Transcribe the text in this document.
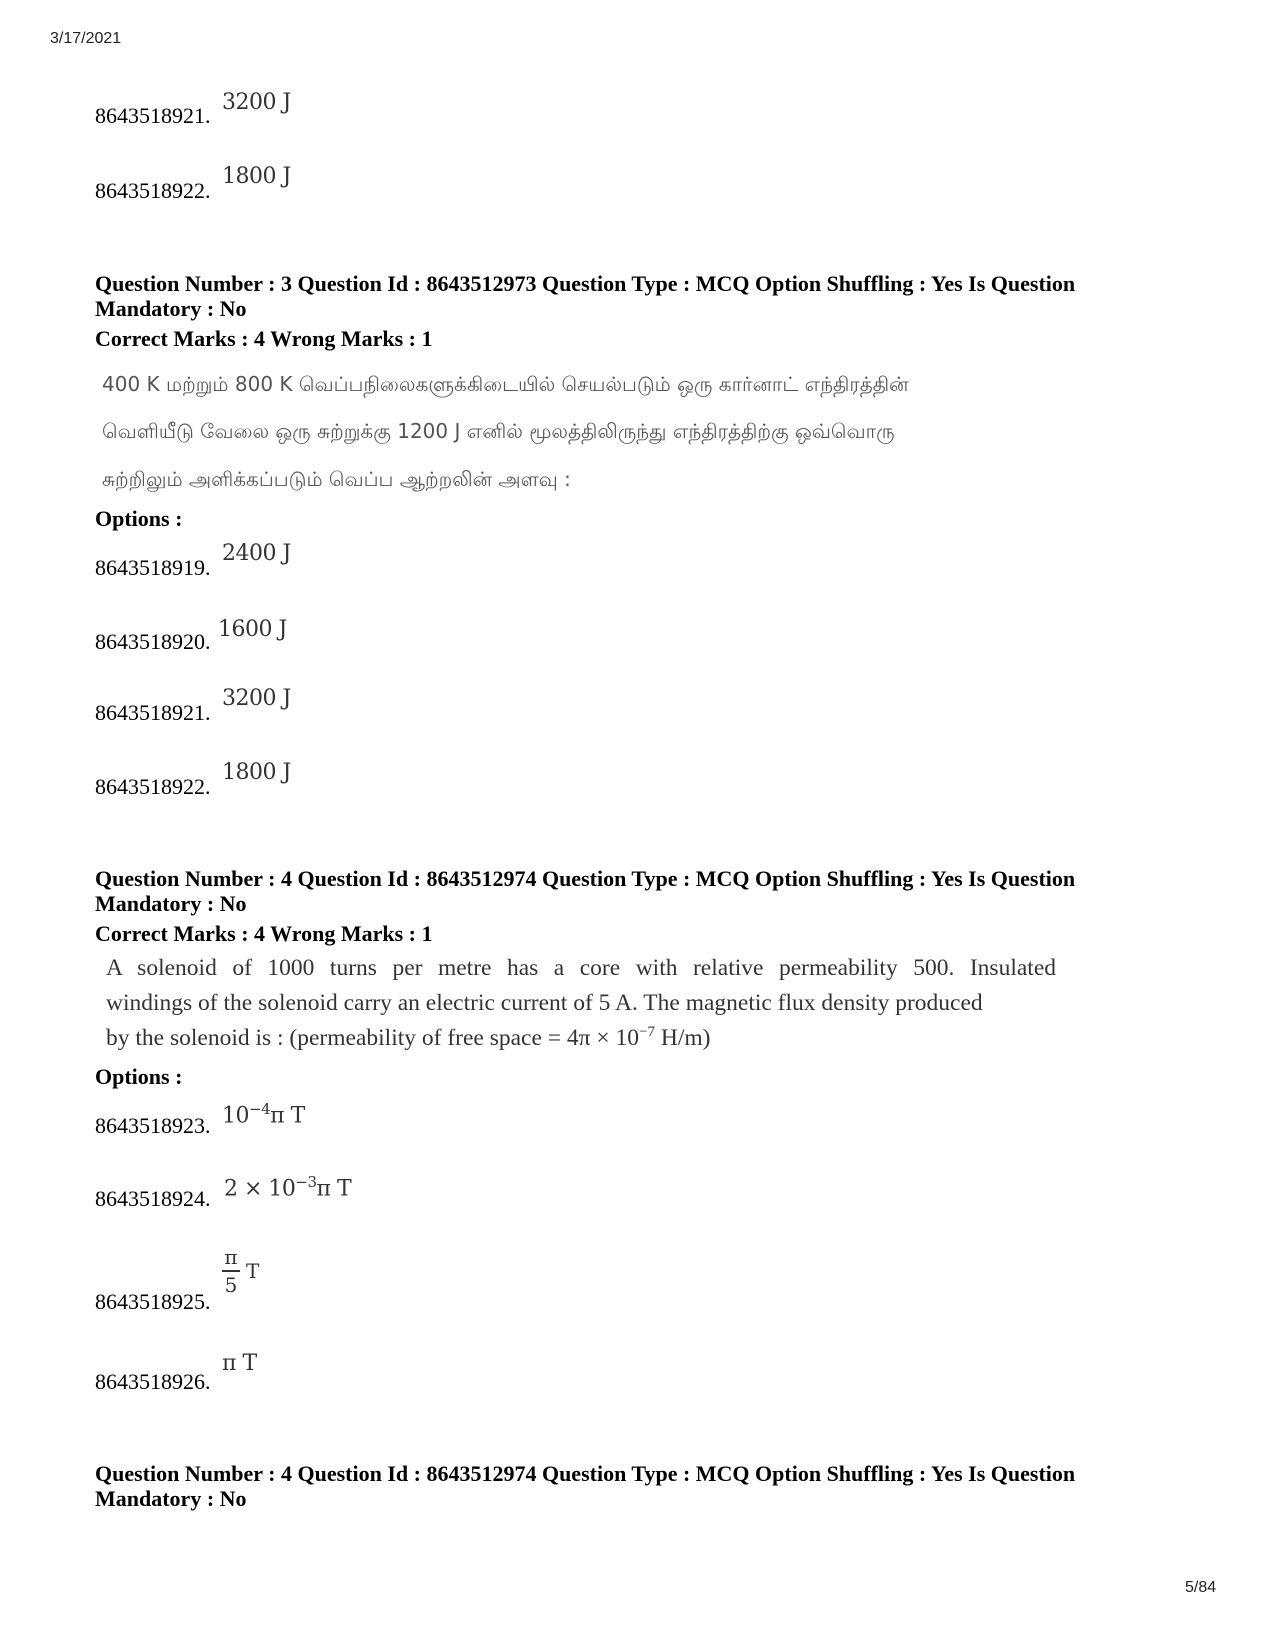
3/17/2021
8643518921.
3200 J
8643518922.
1800 J
Question Number : 3 Question Id : 8643512973 Question Type : MCQ Option Shuffling : Yes Is Question
Mandatory : No
Correct Marks : 4 Wrong Marks : 1
400 K மற்றும் 800 K வெப்பநிலைகளுக்கிடையில் செயல்படும் ஒரு கார்னாட் எந்திரத்தின்
வெளியீடு வேலை ஒரு சுற்றுக்கு 1200 J எனில் மூலத்திலிருந்து எந்திரத்திற்கு ஒவ்வொரு
சுற்றிலும் அளிக்கப்படும் வெப்ப ஆற்றலின் அளவு :
Options :
8643518919.
2400 J
8643518920. 1600 J
8643518921.
3200 J
8643518922.
1800 J
Question Number : 4 Question Id : 8643512974 Question Type : MCQ Option Shuffling : Yes Is Question
Mandatory : No
Correct Marks : 4 Wrong Marks : 1
A solenoid of 1000 turns per metre has a core with relative permeability 500. Insulated
windings of the solenoid carry an electric current of 5 A. The magnetic flux density produced
by the solenoid is : (permeability of free space = $4\pi \times 10^{-7}$ H/m)
Options :
8643518923. $10^{-4}\pi$ T
8643518924. $2 \times 10^{-3}\pi$ T
8643518925.
$\frac{\pi}{5}$ T
8643518926.
π T
Question Number : 4 Question Id : 8643512974 Question Type : MCQ Option Shuffling : Yes Is Question
Mandatory : No
5/84
